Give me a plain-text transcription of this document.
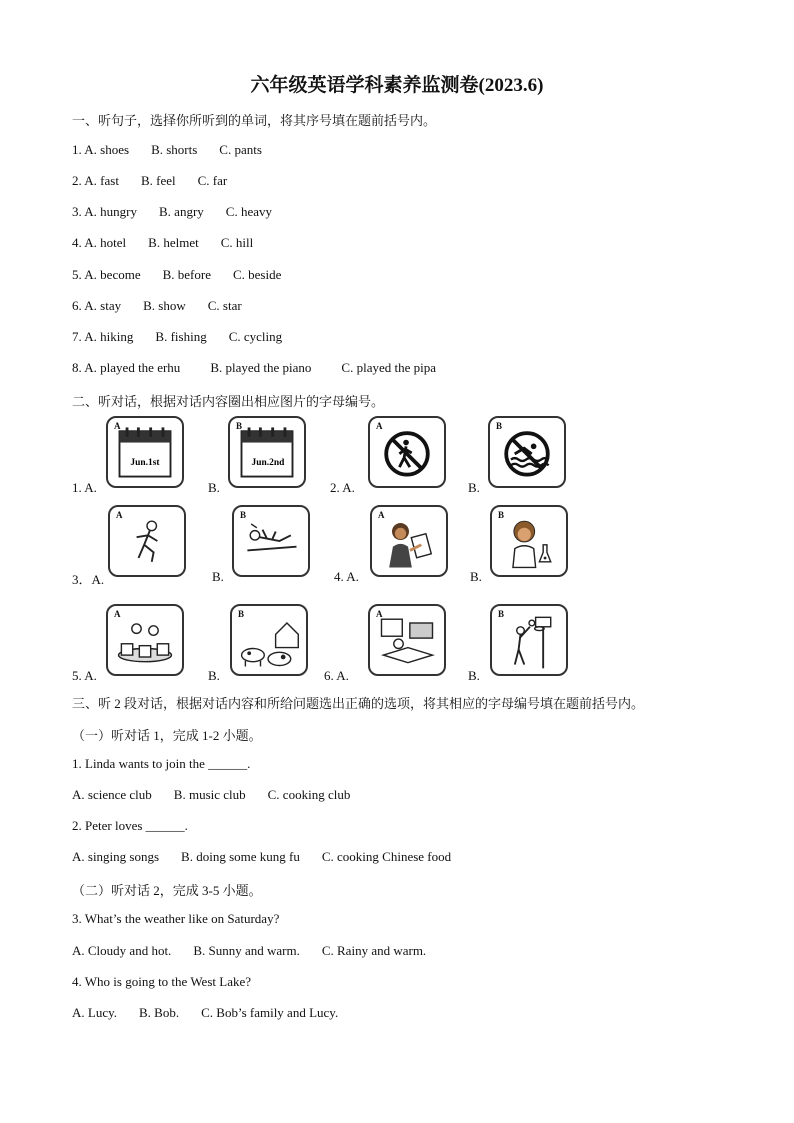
六年级英语学科素养监测卷(2023.6)
一、听句子，选择你所听到的单词，将其序号填在题前括号内。
1. A. shoes B. shorts C. pants
2. A. fast B. feel C. far
3. A. hungry B. angry C. heavy
4. A. hotel B. helmet C. hill
5. A. become B. before C. beside
6. A. stay B. show C. star
7. A. hiking B. fishing C. cycling
8. A. played the erhu B. played the piano C. played the pipa
二、听对话，根据对话内容圈出相应图片的字母编号。
1. A.
A
Jun.1st
B.
B
Jun.2nd
2. A.
A
B.
B
3．A.
A
B.
B
4. A.
A
B.
B
5. A.
A
B.
B
6. A.
A
B.
B
三、听 2 段对话，根据对话内容和所给问题选出正确的选项，将其相应的字母编号填在题前括号内。
（一）听对话 1，完成 1-2 小题。
1. Linda wants to join the ______.
A. science club B. music club C. cooking club
2. Peter loves ______.
A. singing songs B. doing some kung fu C. cooking Chinese food
（二）听对话 2，完成 3-5 小题。
3. What’s the weather like on Saturday?
A. Cloudy and hot. B. Sunny and warm. C. Rainy and warm.
4. Who is going to the West Lake?
A. Lucy. B. Bob. C. Bob’s family and Lucy.
